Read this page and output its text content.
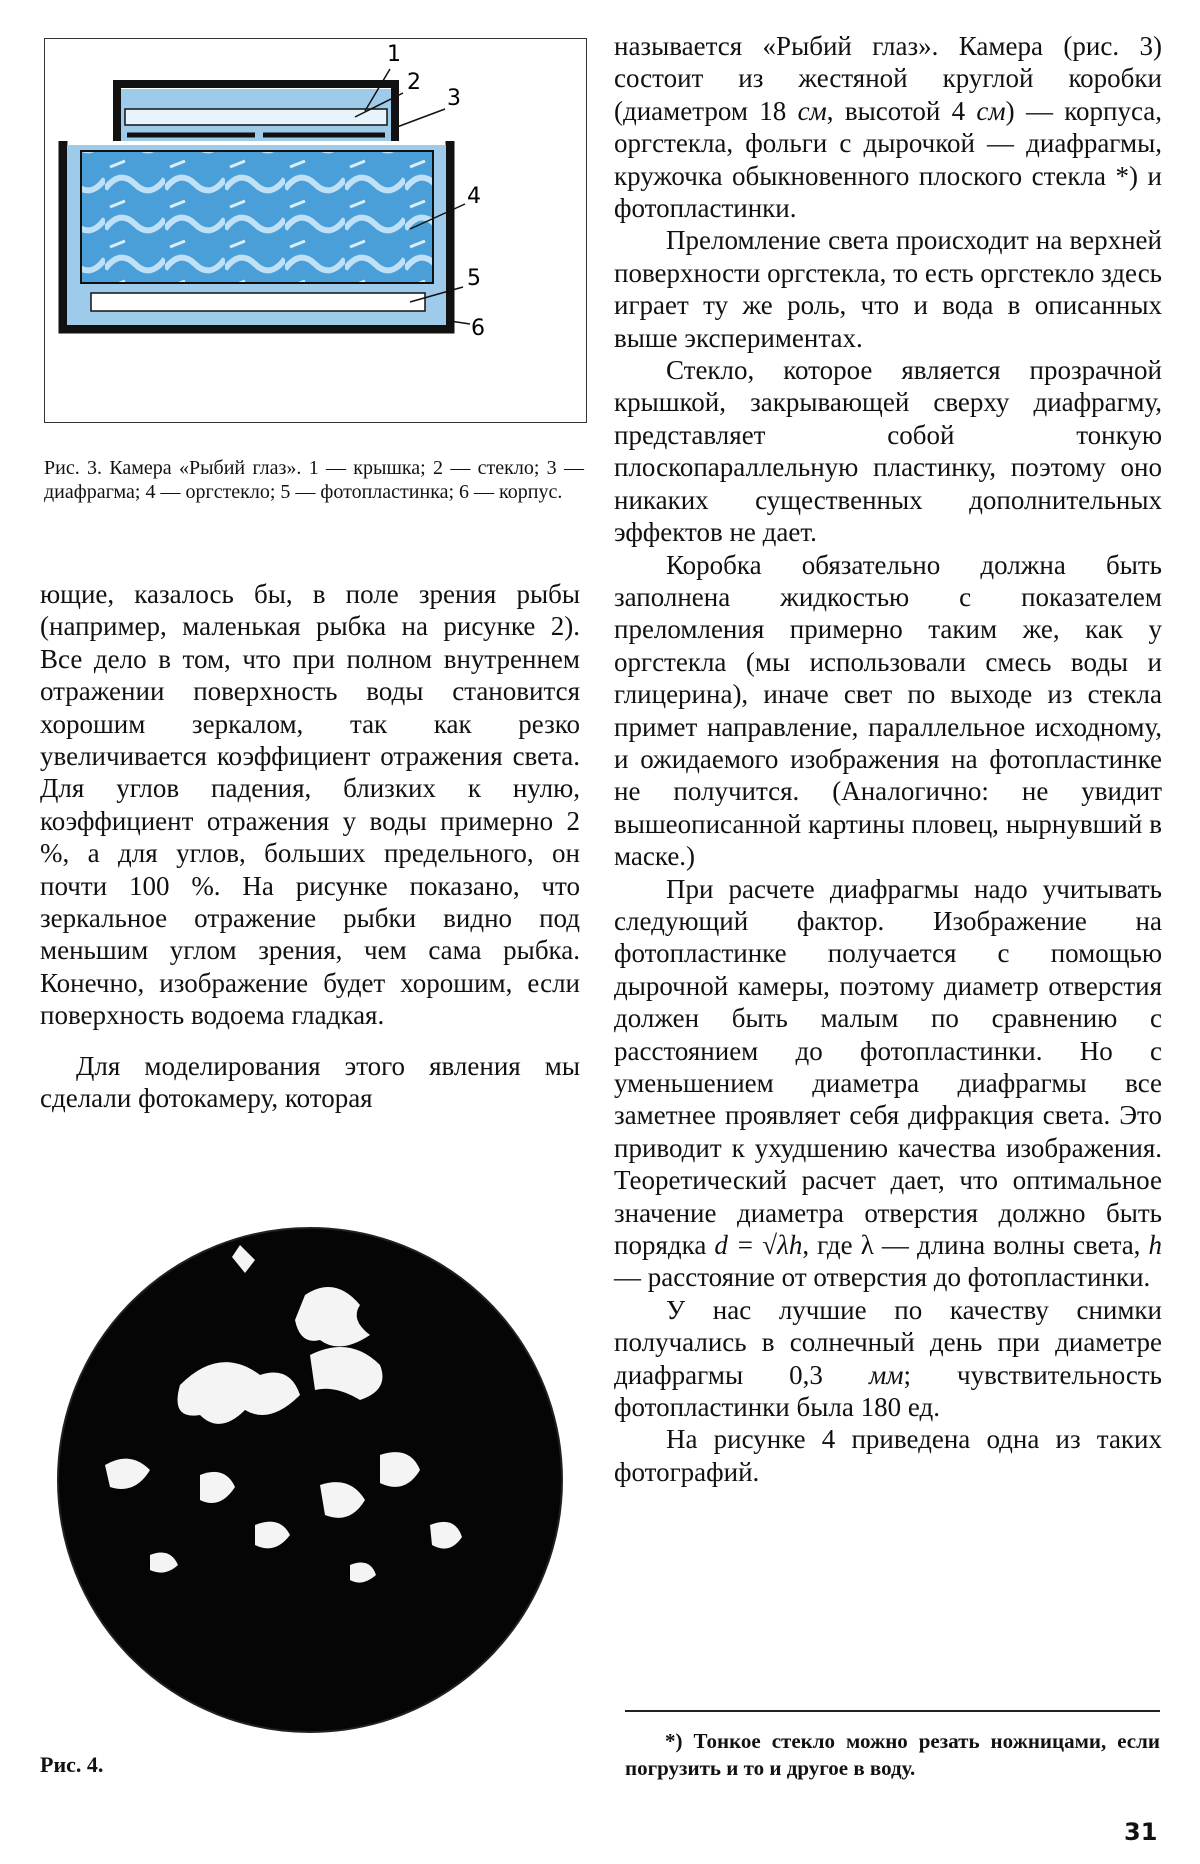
1
2
3
4
5
6
Рис. 3. Камера «Рыбий глаз». 1 — крышка; 2 — стекло; 3 — диафрагма; 4 — оргстекло; 5 — фотопластинка; 6 — корпус.

ющие, казалось бы, в поле зрения рыбы (например, маленькая рыбка на рисунке 2). Все дело в том, что при полном внутреннем отражении поверхность воды становится хорошим зеркалом, так как резко увеличивается коэффициент отражения света. Для углов падения, близких к нулю, коэффициент отражения у воды примерно 2 %, а для углов, больших предельного, он почти 100 %. На рисунке показано, что зеркальное отражение рыбки видно под меньшим углом зрения, чем сама рыбка. Конечно, изображение будет хорошим, если поверхность водоема гладкая.

Для моделирования этого явления мы сделали фотокамеру, которая

Рис. 4.

называется «Рыбий глаз». Камера (рис. 3) состоит из жестяной круглой коробки (диаметром 18 см, высотой 4 см) — корпуса, оргстекла, фольги с дырочкой — диафрагмы, кружочка обыкновенного плоского стекла *) и фотопластинки.

Преломление света происходит на верхней поверхности оргстекла, то есть оргстекло здесь играет ту же роль, что и вода в описанных выше экспериментах.

Стекло, которое является прозрачной крышкой, закрывающей сверху диафрагму, представляет собой тонкую плоскопараллельную пластинку, поэтому оно никаких существенных дополнительных эффектов не дает.

Коробка обязательно должна быть заполнена жидкостью с показателем преломления примерно таким же, как у оргстекла (мы использовали смесь воды и глицерина), иначе свет по выходе из стекла примет направление, параллельное исходному, и ожидаемого изображения на фотопластинке не получится. (Аналогично: не увидит вышеописанной картины пловец, нырнувший в маске.)

При расчете диафрагмы надо учитывать следующий фактор. Изображение на фотопластинке получается с помощью дырочной камеры, поэтому диаметр отверстия должен быть малым по сравнению с расстоянием до фотопластинки. Но с уменьшением диаметра диафрагмы все заметнее проявляет себя дифракция света. Это приводит к ухудшению качества изображения. Теоретический расчет дает, что оптимальное значение диаметра отверстия должно быть порядка d = √λh, где λ — длина волны света, h — расстояние от отверстия до фотопластинки.

У нас лучшие по качеству снимки получались в солнечный день при диаметре диафрагмы 0,3 мм; чувствительность фотопластинки была 180 ед.

На рисунке 4 приведена одна из таких фотографий.

*) Тонкое стекло можно резать ножницами, если погрузить и то и другое в воду.
31
